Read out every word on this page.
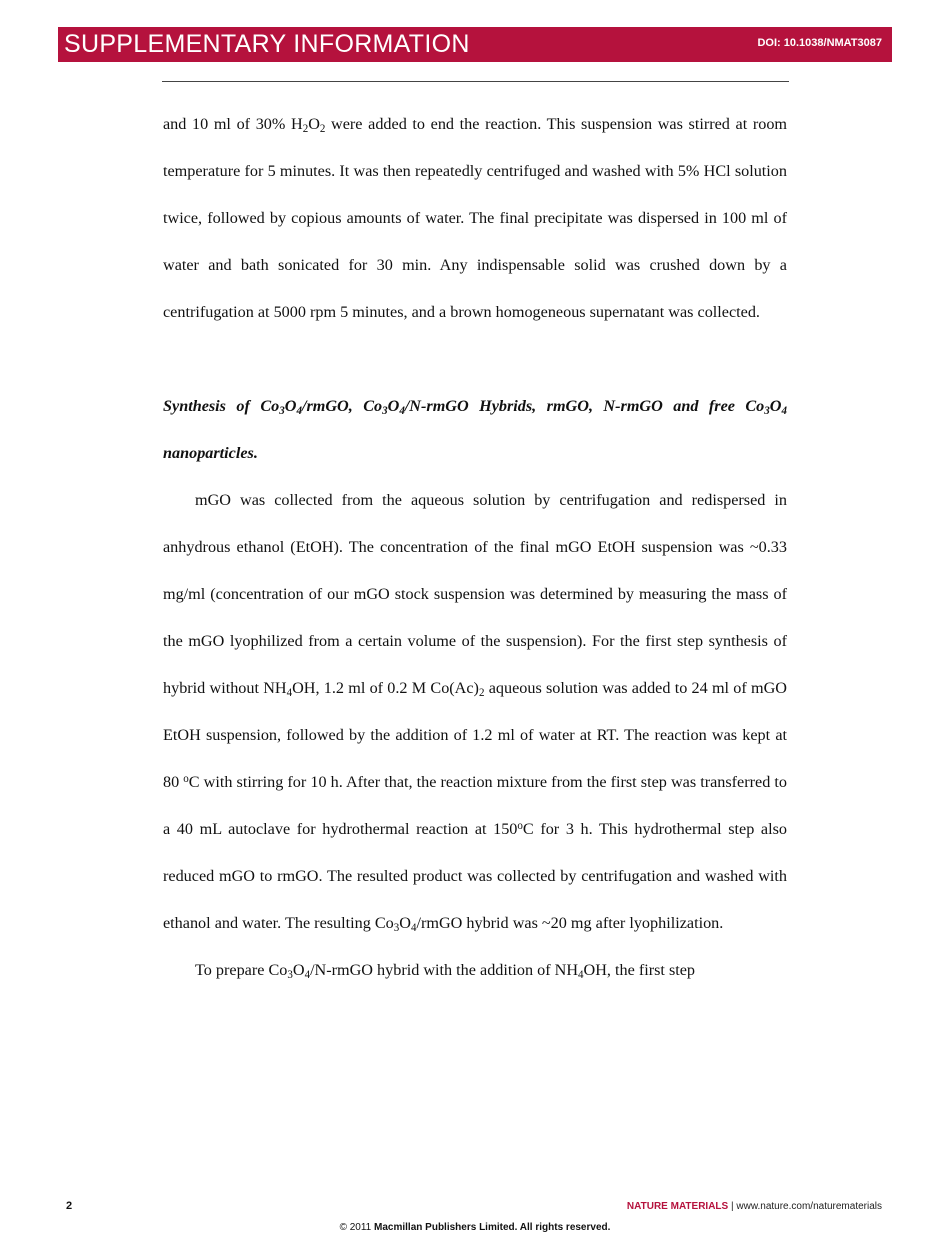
SUPPLEMENTARY INFORMATION	DOI: 10.1038/NMAT3087

and 10 ml of 30% $H_2O_2$ were added to end the reaction. This suspension was stirred at room temperature for 5 minutes. It was then repeatedly centrifuged and washed with 5% HCl solution twice, followed by copious amounts of water. The final precipitate was dispersed in 100 ml of water and bath sonicated for 30 min. Any indispensable solid was crushed down by a centrifugation at 5000 rpm 5 minutes, and a brown homogeneous supernatant was collected.

Synthesis of $Co_3O_4$/rmGO, $Co_3O_4/N$-rmGO Hybrids, rmGO, N-rmGO and free $Co_3O_4$ nanoparticles.

mGO was collected from the aqueous solution by centrifugation and redispersed in anhydrous ethanol (EtOH). The concentration of the final mGO EtOH suspension was ~0.33 mg/ml (concentration of our mGO stock suspension was determined by measuring the mass of the mGO lyophilized from a certain volume of the suspension). For the first step synthesis of hybrid without $NH_4OH$, 1.2 ml of 0.2 M $Co(Ac)_2$ aqueous solution was added to 24 ml of mGO EtOH suspension, followed by the addition of 1.2 ml of water at RT. The reaction was kept at 80 $^o$C with stirring for 10 h. After that, the reaction mixture from the first step was transferred to a 40 mL autoclave for hydrothermal reaction at 150$^o$C for 3 h. This hydrothermal step also reduced mGO to rmGO. The resulted product was collected by centrifugation and washed with ethanol and water. The resulting $Co_3O_4$/rmGO hybrid was ~20 mg after lyophilization.

To prepare $Co_3O_4/N$-rmGO hybrid with the addition of $NH_4OH$, the first step

2	NATURE MATERIALS | www.nature.com/naturematerials
© 2011 Macmillan Publishers Limited. All rights reserved.
